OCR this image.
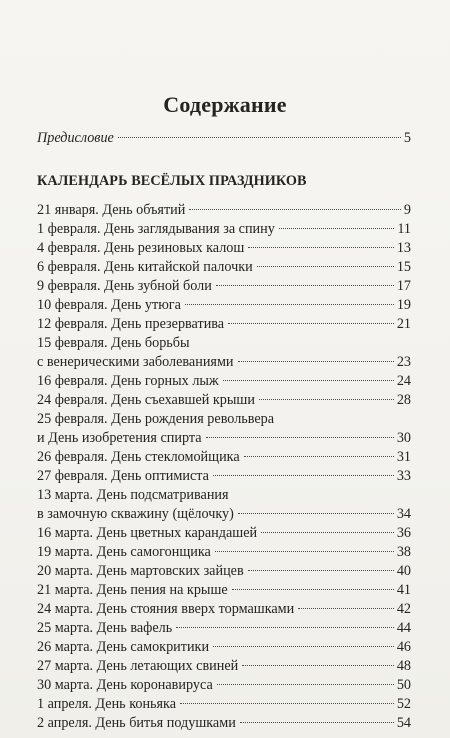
Содержание
Предисловие	5
КАЛЕНДАРЬ ВЕСЁЛЫХ ПРАЗДНИКОВ
21 января. День объятий	9
1 февраля. День заглядывания за спину	11
4 февраля. День резиновых калош	13
6 февраля. День китайской палочки	15
9 февраля. День зубной боли	17
10 февраля. День утюга	19
12 февраля. День презерватива	21
15 февраля. День борьбы
с венерическими заболеваниями	23
16 февраля. День горных лыж	24
24 февраля. День съехавшей крыши	28
25 февраля. День рождения револьвера
и День изобретения спирта	30
26 февраля. День стекломойщика	31
27 февраля. День оптимиста	33
13 марта. День подсматривания
в замочную скважину (щёлочку)	34
16 марта. День цветных карандашей	36
19 марта. День самогонщика	38
20 марта. День мартовских зайцев	40
21 марта. День пения на крыше	41
24 марта. День стояния вверх тормашками	42
25 марта. День вафель	44
26 марта. День самокритики	46
27 марта. День летающих свиней	48
30 марта. День коронавируса	50
1 апреля. День коньяка	52
2 апреля. День битья подушками	54
